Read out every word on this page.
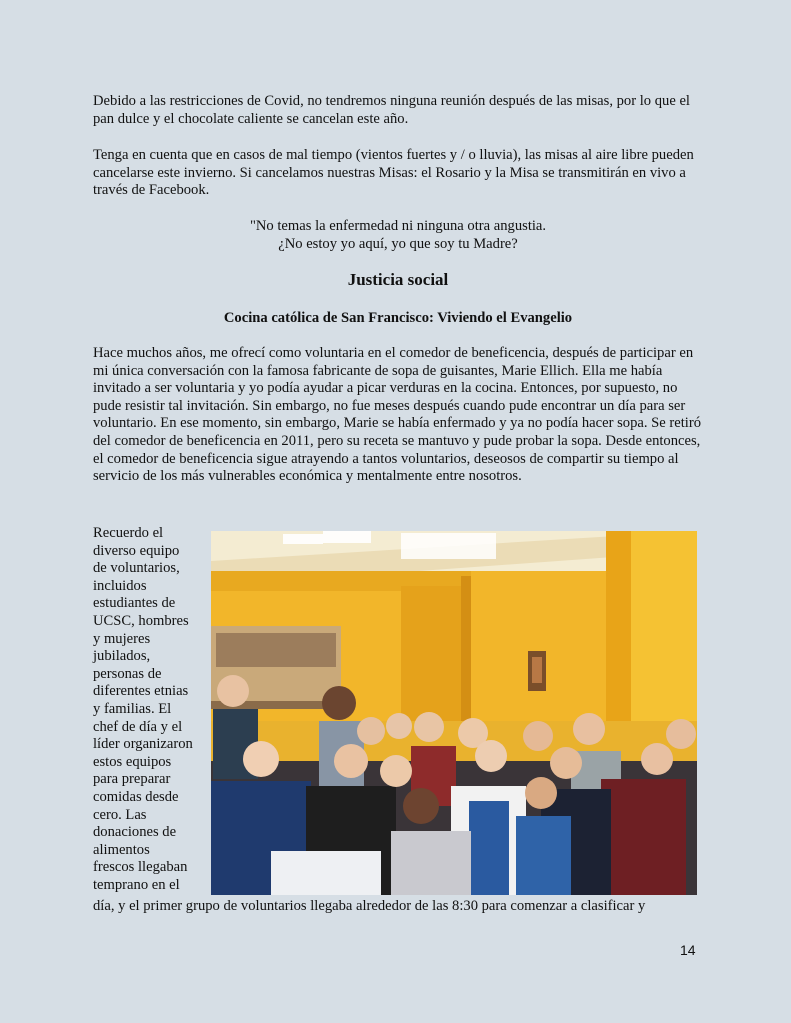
Debido a las restricciones de Covid, no tendremos ninguna reunión después de las misas, por lo que el pan dulce y el chocolate caliente se cancelan este año.

Tenga en cuenta que en casos de mal tiempo (vientos fuertes y / o lluvia), las misas al aire libre pueden cancelarse este invierno. Si cancelamos nuestras Misas: el Rosario y la Misa se transmitirán en vivo a través de Facebook.

"No temas la enfermedad ni ninguna otra angustia.
¿No estoy yo aquí, yo que soy tu Madre?
Justicia social
Cocina católica de San Francisco: Viviendo el Evangelio

Hace muchos años, me ofrecí como voluntaria en el comedor de beneficencia, después de participar en mi única conversación con la famosa fabricante de sopa de guisantes, Marie Ellich. Ella me había invitado a ser voluntaria y yo podía ayudar a picar verduras en la cocina. Entonces, por supuesto, no pude resistir tal invitación. Sin embargo, no fue meses después cuando pude encontrar un día para ser voluntario. En ese momento, sin embargo, Marie se había enfermado y ya no podía hacer sopa. Se retiró del comedor de beneficencia en 2011, pero su receta se mantuvo y pude probar la sopa. Desde entonces, el comedor de beneficencia sigue atrayendo a tantos voluntarios, deseosos de compartir su tiempo al servicio de los más vulnerables económica y mentalmente entre nosotros.

Recuerdo el
diverso equipo
de voluntarios,
incluidos
estudiantes de
UCSC, hombres
y mujeres
jubilados,
personas de
diferentes etnias
y familias. El
chef de día y el
líder organizaron
estos equipos
para preparar
comidas desde
cero. Las
donaciones de
alimentos
frescos llegaban
temprano en el
día, y el primer grupo de voluntarios llegaba alrededor de las 8:30 para comenzar a clasificar y
14
